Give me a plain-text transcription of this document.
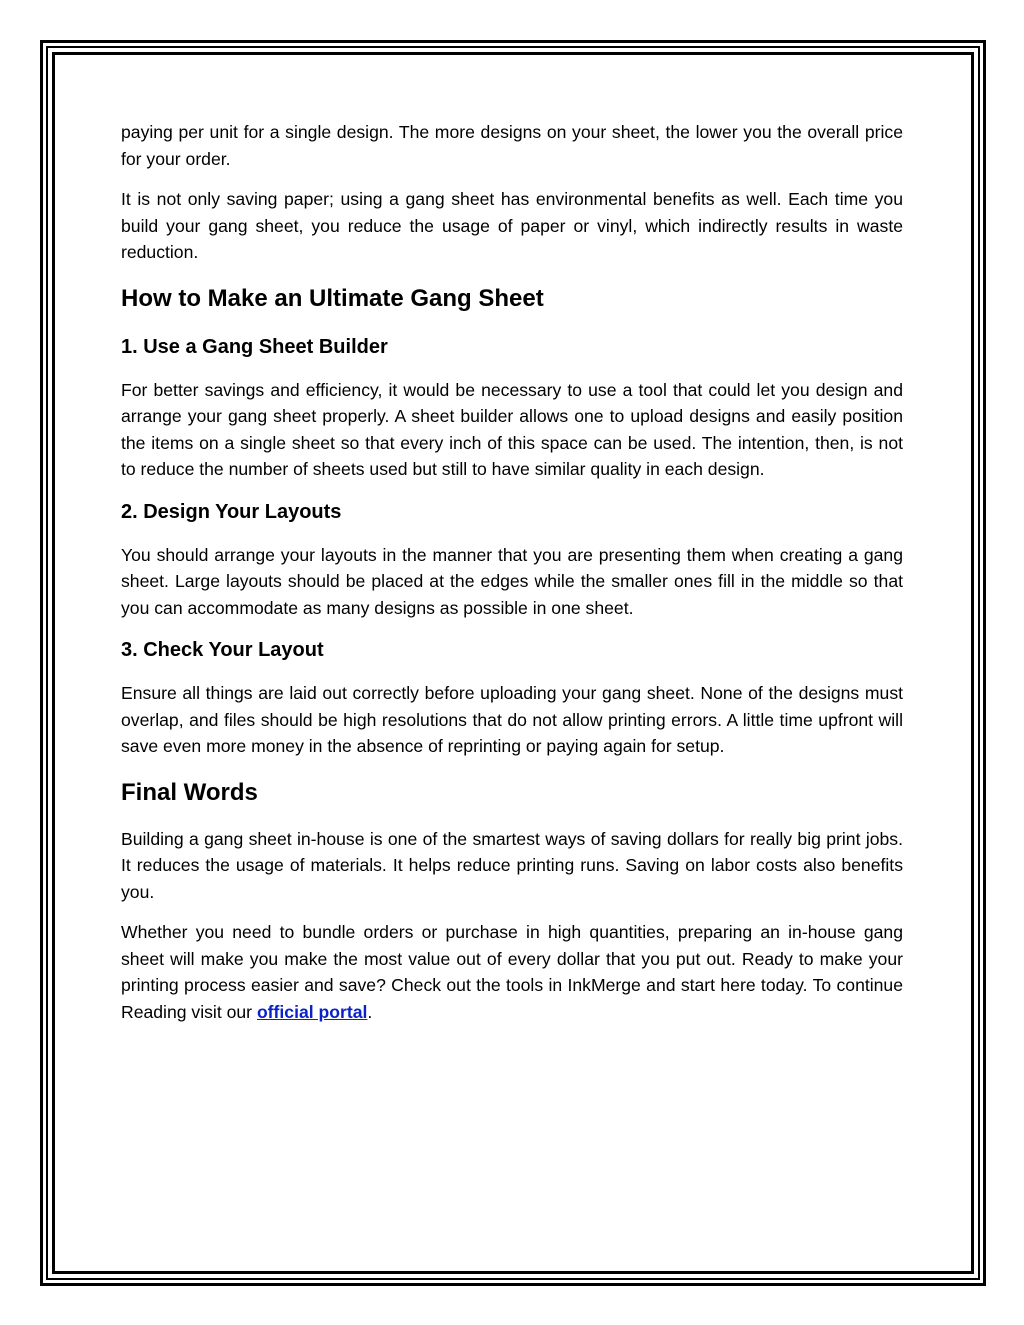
paying per unit for a single design. The more designs on your sheet, the lower you the overall price for your order.

It is not only saving paper; using a gang sheet has environmental benefits as well. Each time you build your gang sheet, you reduce the usage of paper or vinyl, which indirectly results in waste reduction.

How to Make an Ultimate Gang Sheet
1. Use a Gang Sheet Builder

For better savings and efficiency, it would be necessary to use a tool that could let you design and arrange your gang sheet properly. A sheet builder allows one to upload designs and easily position the items on a single sheet so that every inch of this space can be used. The intention, then, is not to reduce the number of sheets used but still to have similar quality in each design.

2. Design Your Layouts

You should arrange your layouts in the manner that you are presenting them when creating a gang sheet. Large layouts should be placed at the edges while the smaller ones fill in the middle so that you can accommodate as many designs as possible in one sheet.

3. Check Your Layout

Ensure all things are laid out correctly before uploading your gang sheet. None of the designs must overlap, and files should be high resolutions that do not allow printing errors. A little time upfront will save even more money in the absence of reprinting or paying again for setup.

Final Words

Building a gang sheet in-house is one of the smartest ways of saving dollars for really big print jobs. It reduces the usage of materials. It helps reduce printing runs. Saving on labor costs also benefits you.

Whether you need to bundle orders or purchase in high quantities, preparing an in-house gang sheet will make you make the most value out of every dollar that you put out. Ready to make your printing process easier and save? Check out the tools in InkMerge and start here today. To continue Reading visit our official portal.
